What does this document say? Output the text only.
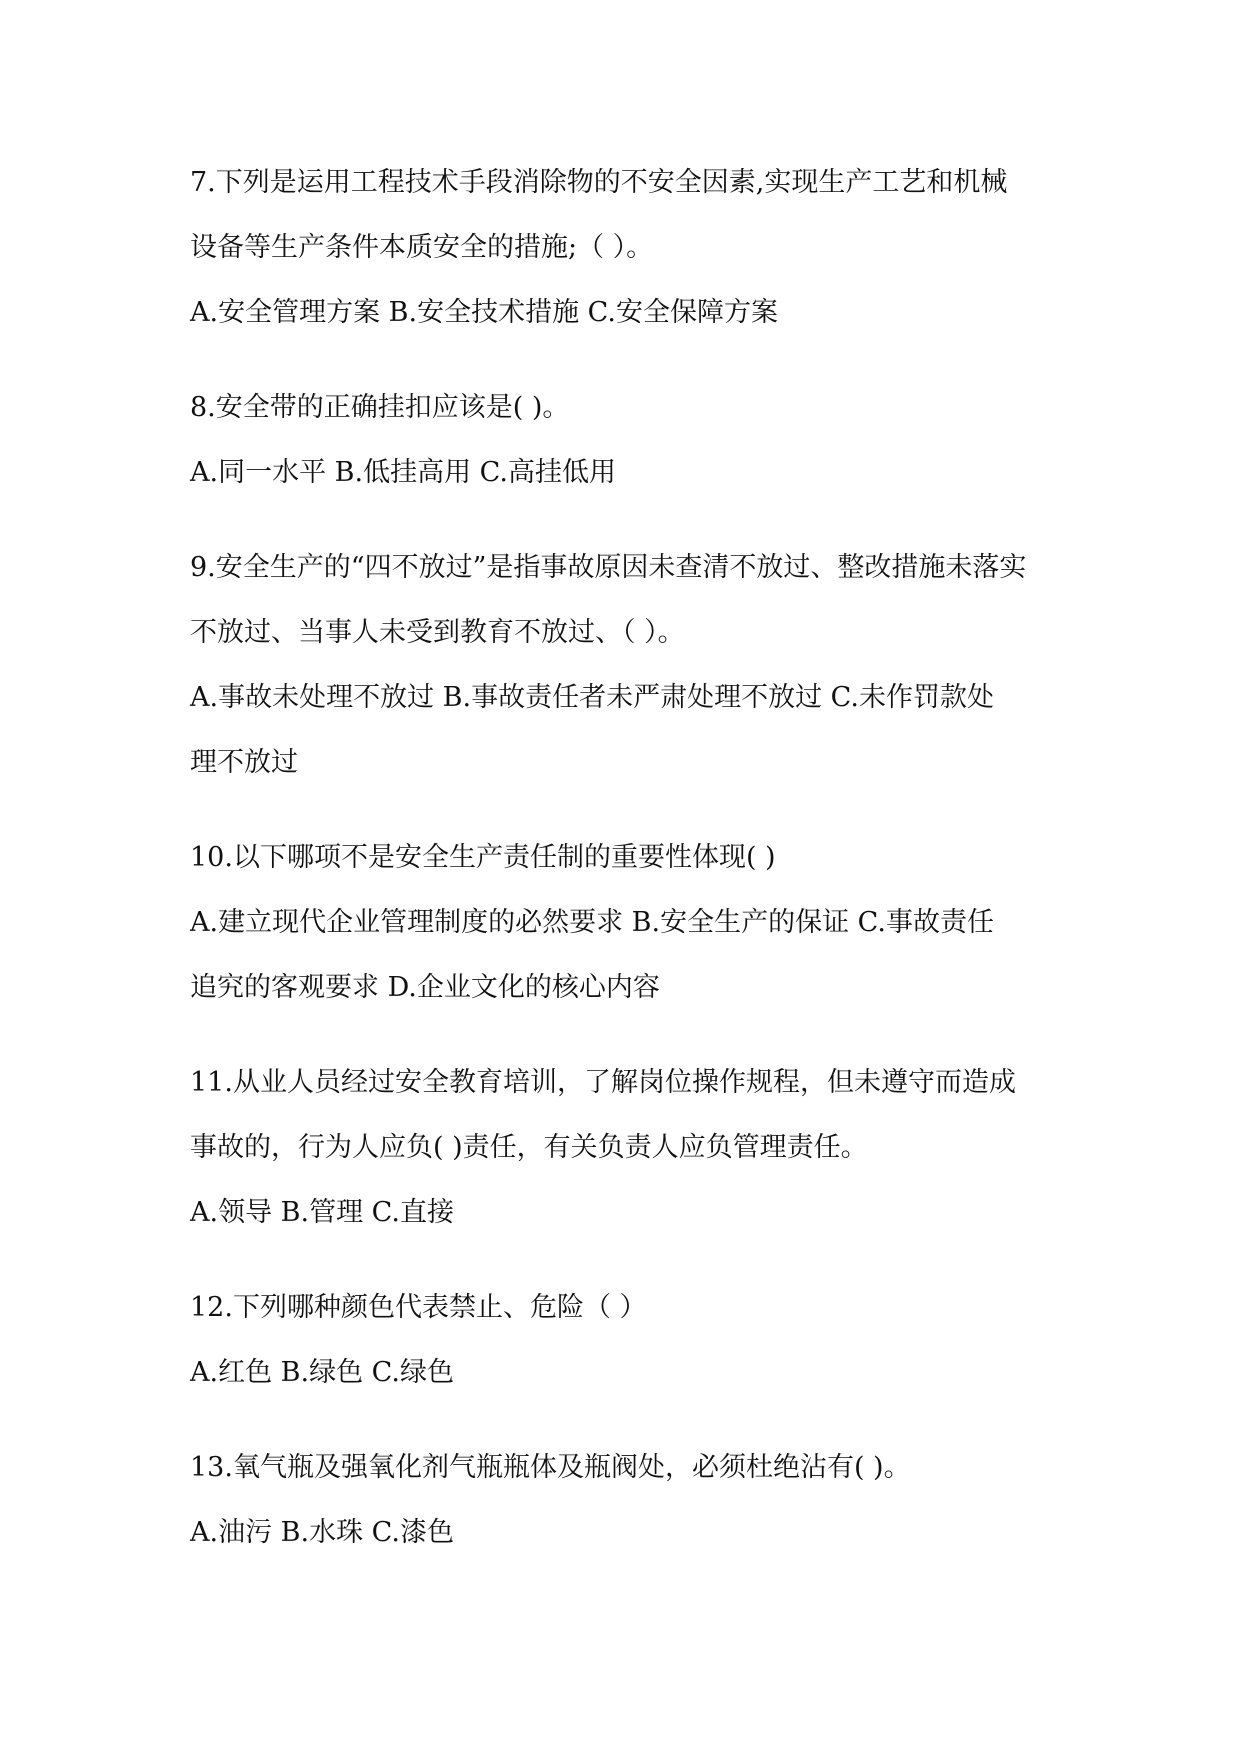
7.下列是运用工程技术手段消除物的不安全因素,实现生产工艺和机械
设备等生产条件本质安全的措施;（ ）。
A.安全管理方案 B.安全技术措施 C.安全保障方案
8.安全带的正确挂扣应该是( )。
A.同一水平 B.低挂高用 C.高挂低用
9.安全生产的“四不放过”是指事故原因未查清不放过、整改措施未落实
不放过、当事人未受到教育不放过、（ ）。
A.事故未处理不放过 B.事故责任者未严肃处理不放过 C.未作罚款处
理不放过
10.以下哪项不是安全生产责任制的重要性体现( )
A.建立现代企业管理制度的必然要求 B.安全生产的保证 C.事故责任
追究的客观要求 D.企业文化的核心内容
11.从业人员经过安全教育培训，了解岗位操作规程，但未遵守而造成
事故的，行为人应负( )责任，有关负责人应负管理责任。
A.领导 B.管理 C.直接
12.下列哪种颜色代表禁止、危险（ ）
A.红色 B.绿色 C.绿色
13.氧气瓶及强氧化剂气瓶瓶体及瓶阀处，必须杜绝沾有( )。
A.油污 B.水珠 C.漆色
